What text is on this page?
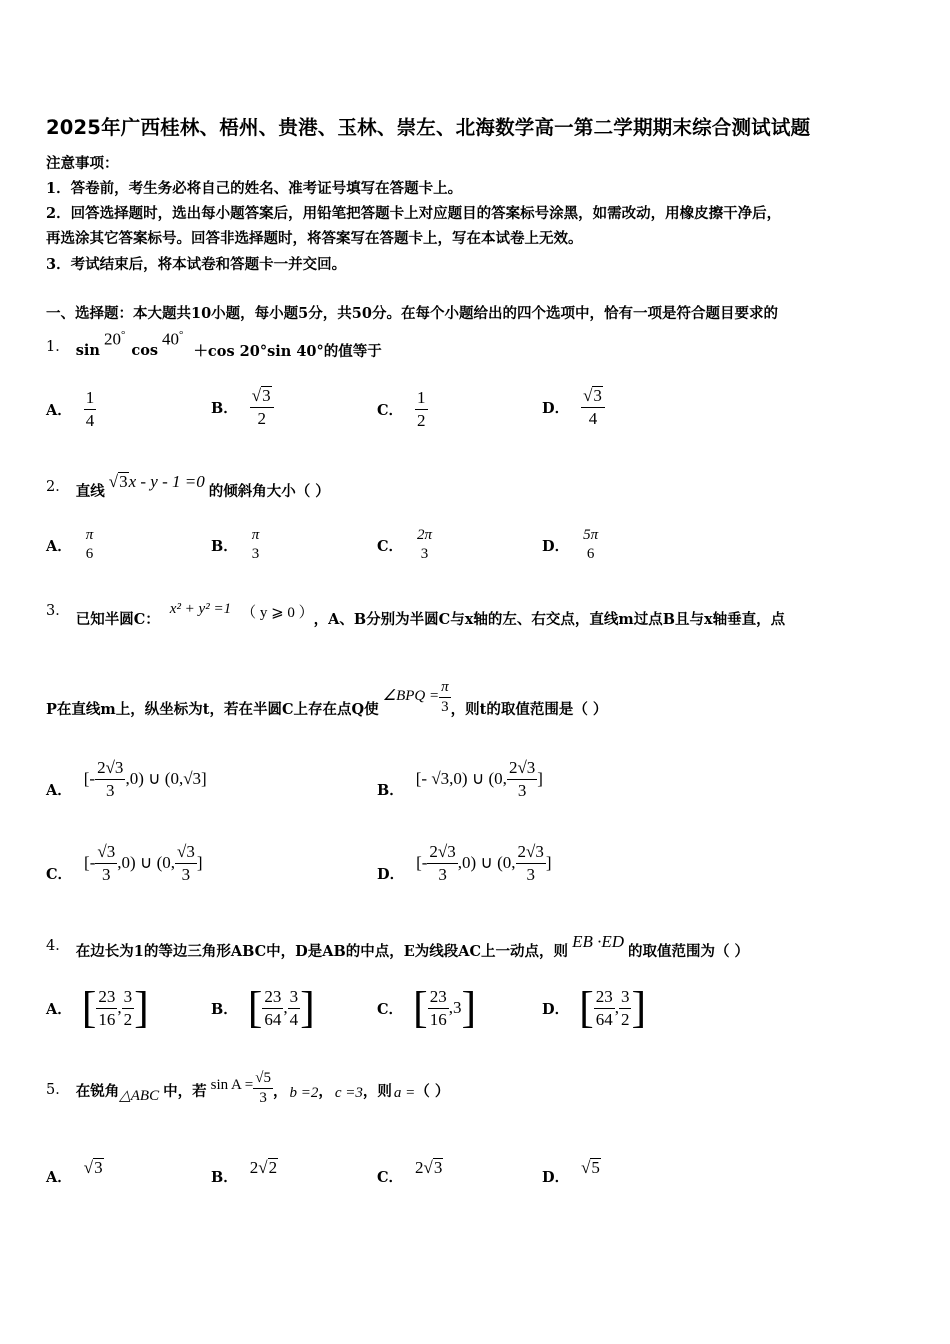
2025年广西桂林、梧州、贵港、玉林、崇左、北海数学高一第二学期期末综合测试试题
注意事项：
1．答卷前，考生务必将自己的姓名、准考证号填写在答题卡上。
2．回答选择题时，选出每小题答案后，用铅笔把答题卡上对应题目的答案标号涂黑，如需改动，用橡皮擦干净后，
再选涂其它答案标号。回答非选择题时，将答案写在答题卡上，写在本试卷上无效。
3．考试结束后，将本试卷和答题卡一并交回。
一、选择题：本大题共10小题，每小题5分，共50分。在每个小题给出的四个选项中，恰有一项是符合题目要求的
1． sin
20°
cos
40°
＋cos 20°sin 40°的值等于
A． $\frac{1}{4}$	B． $\frac{√ 3}{2}$	C． $\frac{1}{2}$	D． $\frac{√ 3}{4}$
2． 直线
√ 3 x - y - 1 =0
的倾斜角大小（ ）
A．
π
6	B．
π
3	C．
2π
3	D．
5π
6
3． 已知半圆C：
x² + y² =1 （ y ⩾ 0 ） ，A、B分别为半圆C与x轴的左、右交点，直线m过点B且与x轴垂直，点
P在直线m上，纵坐标为t，若在半圆C上存在点Q使
∠BPQ = $\frac{\pi}{3}$ ，则t的取值范围是（ ）
A．
[- $\frac{2√3}{3} ,0$) ∪ (0, √3]
B．
[- √3,0) ∪ (0, $\frac{2√3}{3}$ ]
C．
[- $\frac{√3}{3} ,0$) ∪ (0, $\frac{√3}{3}$ ]
D．
[- $\frac{2√3}{3} ,0$) ∪ (0, $\frac{2√3}{3}$ ]
4． 在边长为1的等边三角形ABC中，D是AB的中点，E为线段AC上一动点，则
EB ·ED
的取值范围为（ ）
A． [ $\frac{23}{16}$ , $\frac{3}{2}$ ]	B． [ $\frac{23}{64}$ , $\frac{3}{4}$ ]	C． [ $\frac{23}{16}$ , 3 ]	D． [ $\frac{23}{64}$ , $\frac{3}{2}$ ]
5． 在锐角 △ABC 中，若 $\sin A = \frac{√5}{3}$ ， b =2 ， c =3 ，则 a = （ ）
A．
√ 3
B．
2 √ 2
C．
2 √ 3
D．
√ 5
